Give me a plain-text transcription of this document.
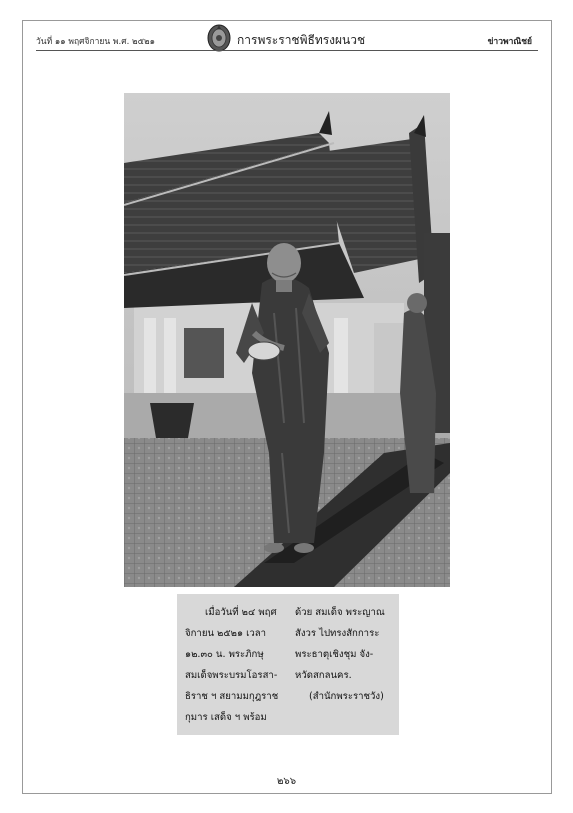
วันที่ ๑๑ พฤศจิกายน พ.ศ. ๒๕๒๑	การพระราชพิธีทรงผนวช	ข่าวพาณิชย์
เมื่อวันที่ ๒๔ พฤศ
จิกายน ๒๕๒๑ เวลา
๑๒.๓๐ น. พระภิกษุ
สมเด็จพระบรมโอรสา-
ธิราช ฯ สยามมกุฎราช
กุมาร เสด็จ ฯ พร้อม
ด้วย สมเด็จ พระญาณ
สังวร ไปทรงสักการะ
พระธาตุเชิงชุม จัง-
หวัดสกลนคร.
(สำนักพระราชวัง)
๒๖๖
